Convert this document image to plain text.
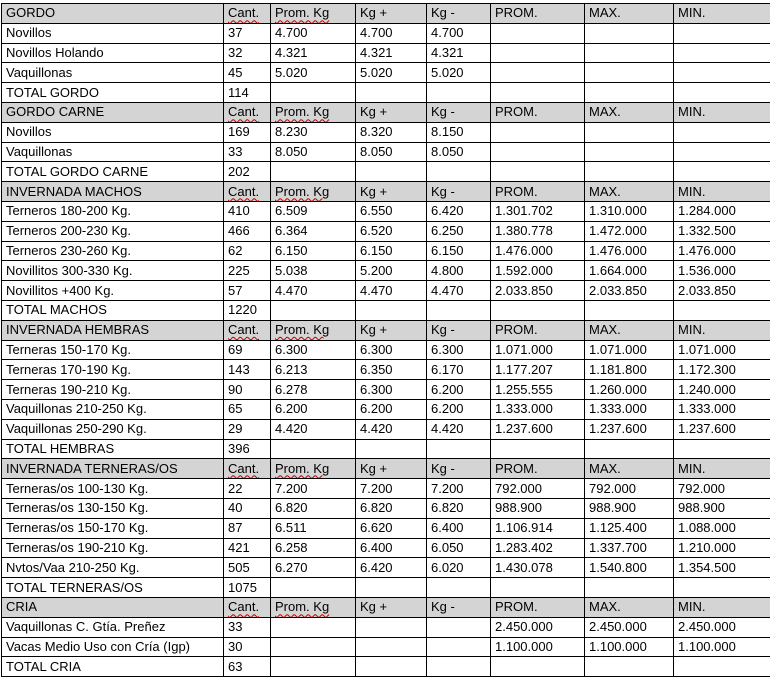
GORDO	Cant.	Prom. Kg	Kg +	Kg -	PROM.	MAX.	MIN.
Novillos	37	4.700	4.700	4.700			
Novillos Holando	32	4.321	4.321	4.321			
Vaquillonas	45	5.020	5.020	5.020			
TOTAL GORDO	114						
GORDO CARNE	Cant.	Prom. Kg	Kg +	Kg -	PROM.	MAX.	MIN.
Novillos	169	8.230	8.320	8.150			
Vaquillonas	33	8.050	8.050	8.050			
TOTAL GORDO CARNE	202						
INVERNADA MACHOS	Cant.	Prom. Kg	Kg +	Kg -	PROM.	MAX.	MIN.
Terneros 180-200 Kg.	410	6.509	6.550	6.420	1.301.702	1.310.000	1.284.000
Terneros 200-230 Kg.	466	6.364	6.520	6.250	1.380.778	1.472.000	1.332.500
Terneros 230-260 Kg.	62	6.150	6.150	6.150	1.476.000	1.476.000	1.476.000
Novillitos 300-330 Kg.	225	5.038	5.200	4.800	1.592.000	1.664.000	1.536.000
Novillitos +400 Kg.	57	4.470	4.470	4.470	2.033.850	2.033.850	2.033.850
TOTAL MACHOS	1220						
INVERNADA HEMBRAS	Cant.	Prom. Kg	Kg +	Kg -	PROM.	MAX.	MIN.
Terneras 150-170 Kg.	69	6.300	6.300	6.300	1.071.000	1.071.000	1.071.000
Terneras 170-190 Kg.	143	6.213	6.350	6.170	1.177.207	1.181.800	1.172.300
Terneras 190-210 Kg.	90	6.278	6.300	6.200	1.255.555	1.260.000	1.240.000
Vaquillonas 210-250 Kg.	65	6.200	6.200	6.200	1.333.000	1.333.000	1.333.000
Vaquillonas 250-290 Kg.	29	4.420	4.420	4.420	1.237.600	1.237.600	1.237.600
TOTAL HEMBRAS	396						
INVERNADA TERNERAS/OS	Cant.	Prom. Kg	Kg +	Kg -	PROM.	MAX.	MIN.
Terneras/os 100-130 Kg.	22	7.200	7.200	7.200	792.000	792.000	792.000
Terneras/os 130-150 Kg.	40	6.820	6.820	6.820	988.900	988.900	988.900
Terneras/os 150-170 Kg.	87	6.511	6.620	6.400	1.106.914	1.125.400	1.088.000
Terneras/os 190-210 Kg.	421	6.258	6.400	6.050	1.283.402	1.337.700	1.210.000
Nvtos/Vaa 210-250 Kg.	505	6.270	6.420	6.020	1.430.078	1.540.800	1.354.500
TOTAL TERNERAS/OS	1075						
CRIA	Cant.	Prom. Kg	Kg +	Kg -	PROM.	MAX.	MIN.
Vaquillonas C. Gtía. Preñez	33				2.450.000	2.450.000	2.450.000
Vacas Medio Uso con Cría (Igp)	30				1.100.000	1.100.000	1.100.000
TOTAL CRIA	63						
